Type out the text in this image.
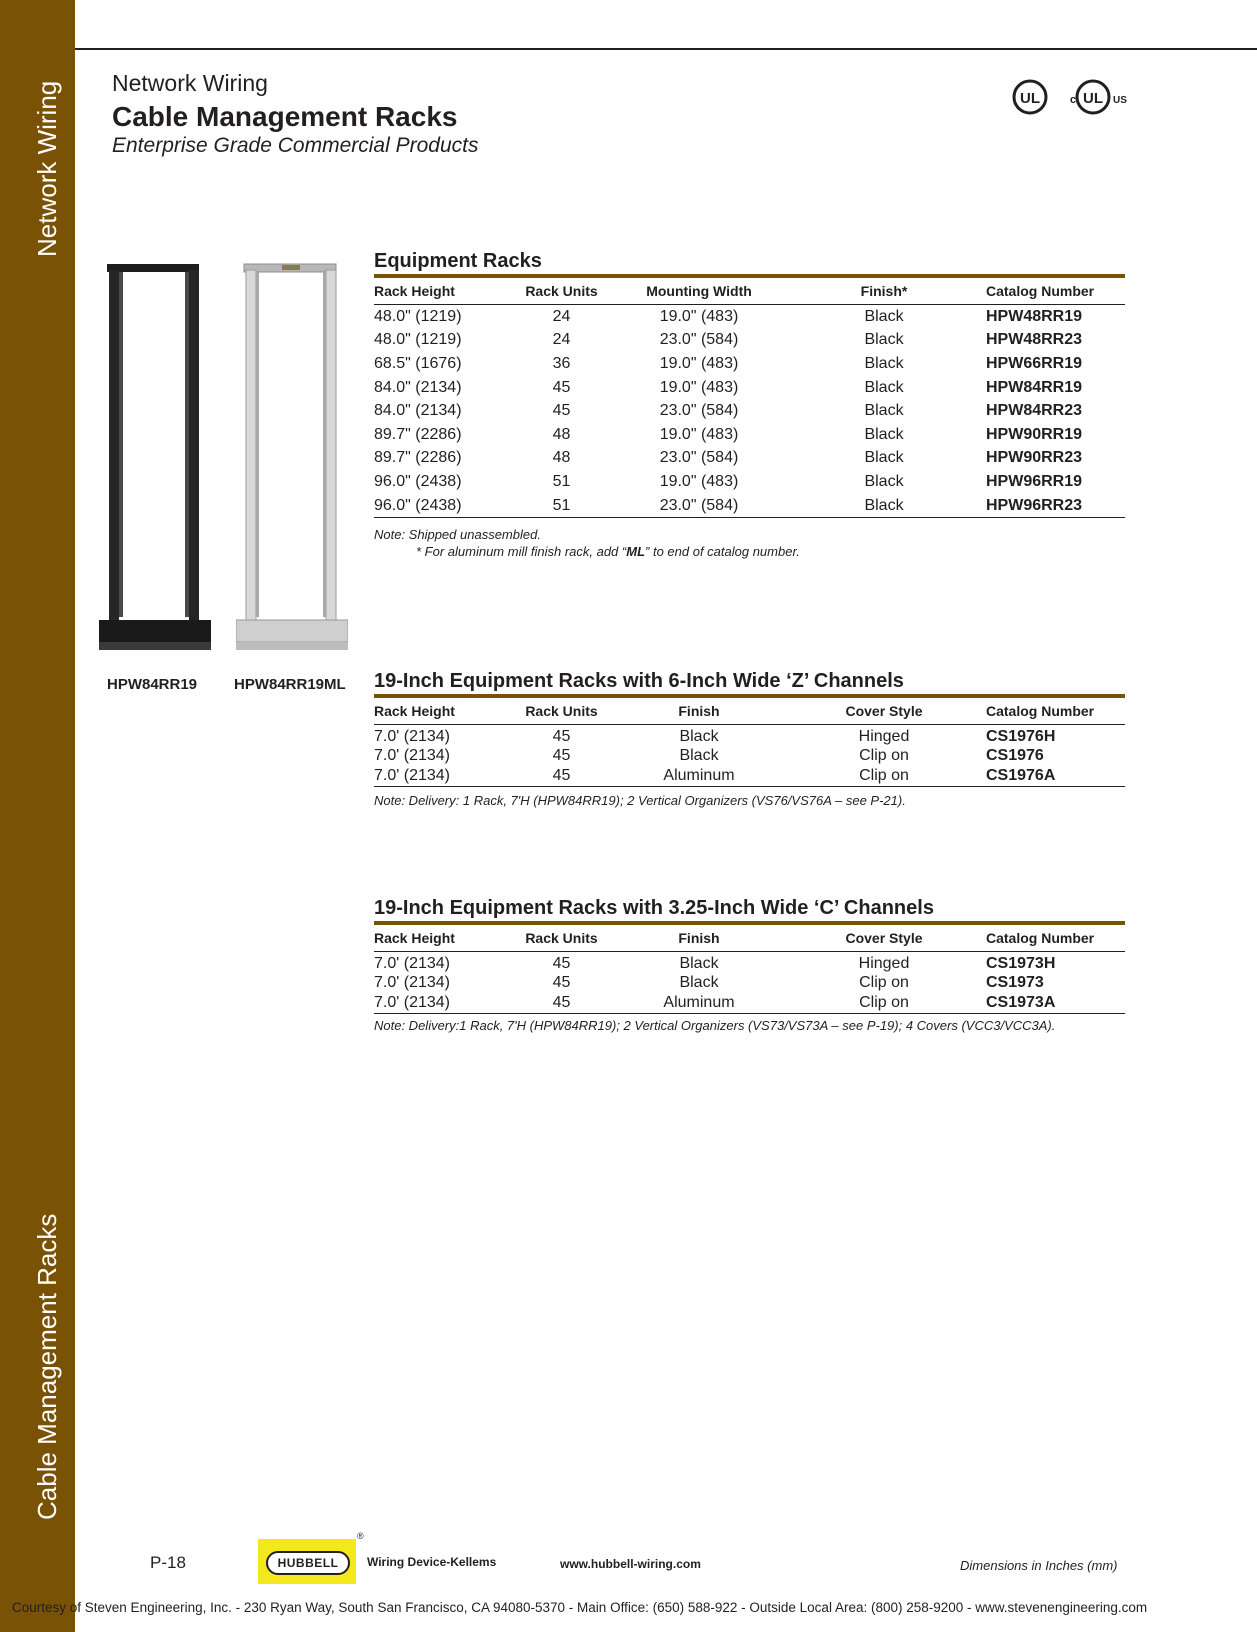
Network Wiring
Cable Management Racks
Network Wiring
Cable Management Racks
Enterprise Grade Commercial Products
UL	c UL US
HPW84RR19 HPW84RR19ML
Equipment Racks
Rack Height	Rack Units	Mounting Width	Finish*	Catalog Number
48.0" (1219)	24	19.0" (483)	Black	HPW48RR19
48.0" (1219)	24	23.0" (584)	Black	HPW48RR23
68.5" (1676)	36	19.0" (483)	Black	HPW66RR19
84.0" (2134)	45	19.0" (483)	Black	HPW84RR19
84.0" (2134)	45	23.0" (584)	Black	HPW84RR23
89.7" (2286)	48	19.0" (483)	Black	HPW90RR19
89.7" (2286)	48	23.0" (584)	Black	HPW90RR23
96.0" (2438)	51	19.0" (483)	Black	HPW96RR19
96.0" (2438)	51	23.0" (584)	Black	HPW96RR23
Note: Shipped unassembled.
* For aluminum mill finish rack, add “ML” to end of catalog number.
19-Inch Equipment Racks with 6-Inch Wide ‘Z’ Channels
Rack Height	Rack Units	Finish	Cover Style	Catalog Number
7.0' (2134)	45	Black	Hinged	CS1976H
7.0' (2134)	45	Black	Clip on	CS1976
7.0' (2134)	45	Aluminum	Clip on	CS1976A
Note: Delivery: 1 Rack, 7'H (HPW84RR19); 2 Vertical Organizers (VS76/VS76A – see P-21).
19-Inch Equipment Racks with 3.25-Inch Wide ‘C’ Channels
Rack Height	Rack Units	Finish	Cover Style	Catalog Number
7.0' (2134)	45	Black	Hinged	CS1973H
7.0' (2134)	45	Black	Clip on	CS1973
7.0' (2134)	45	Aluminum	Clip on	CS1973A
Note: Delivery:1 Rack, 7'H (HPW84RR19); 2 Vertical Organizers (VS73/VS73A – see P-19); 4 Covers (VCC3/VCC3A).
P-18	HUBBELL
®
Wiring Device-Kellems	www.hubbell-wiring.com	Dimensions in Inches (mm)
Courtesy of Steven Engineering, Inc. - 230 Ryan Way, South San Francisco, CA 94080-5370 - Main Office: (650) 588-922 - Outside Local Area: (800) 258-9200 - www.stevenengineering.com
